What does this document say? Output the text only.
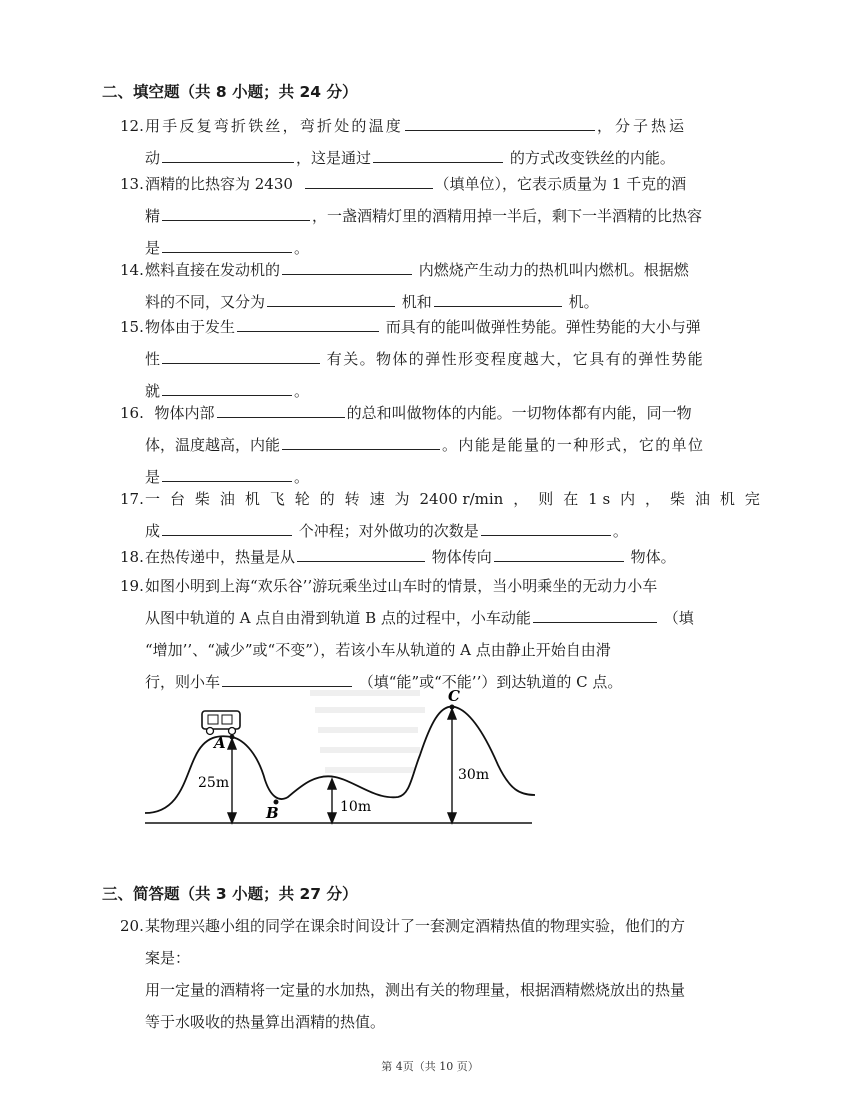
二、填空题（共 8 小题；共 24 分）
12. 用手反复弯折铁丝，弯折处的温度	，分子热运
动	，这是通过	的方式改变铁丝的内能。
13. 酒精的比热容为 2430	（填单位），它表示质量为 1 千克的酒
精	，一盏酒精灯里的酒精用掉一半后，剩下一半酒精的比热容
是	。
14. 燃料直接在发动机的	内燃烧产生动力的热机叫内燃机。根据燃
料的不同，又分为	机和	机。
15. 物体由于发生	而具有的能叫做弹性势能。弹性势能的大小与弹
性	有关。物体的弹性形变程度越大，它具有的弹性势能
就	。
16. 物体内部	的总和叫做物体的内能。一切物体都有内能，同一物
体，温度越高，内能	。内能是能量的一种形式，它的单位
是	。
17. 一 台 柴 油 机 飞 轮 的 转 速 为 2400 r/min ， 则 在 1 s 内 ， 柴 油 机 完
成	个冲程；对外做功的次数是	。
18. 在热传递中，热量是从	物体传向	物体。
19. 如图小明到上海“欢乐谷’’游玩乘坐过山车时的情景，当小明乘坐的无动力小车
从图中轨道的 A 点自由滑到轨道 B 点的过程中，小车动能	（填
“增加’’、“减少”或“不变”），若该小车从轨道的 A 点由静止开始自由滑
行，则小车	（填“能”或“不能’’）到达轨道的 C 点。
A
B
C
25m
10m
30m
三、简答题（共 3 小题；共 27 分）
20. 某物理兴趣小组的同学在课余时间设计了一套测定酒精热值的物理实验，他们的方
案是：
用一定量的酒精将一定量的水加热，测出有关的物理量，根据酒精燃烧放出的热量
等于水吸收的热量算出酒精的热值。
第 4页（共 10 页）
